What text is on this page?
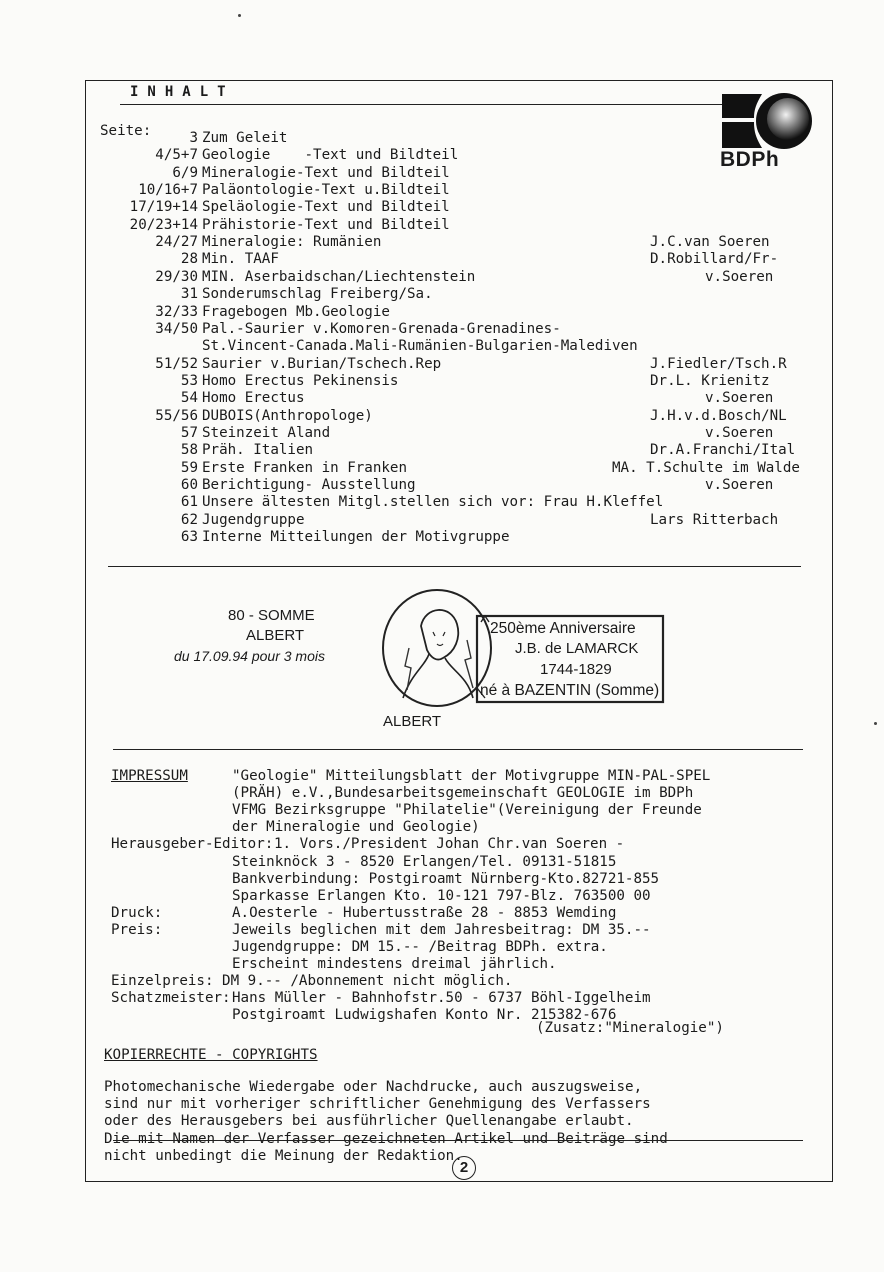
INHALT
Seite:
BDPh
3 Zum Geleit
4/5+7 Geologie    -Text und Bildteil
6/9 Mineralogie-Text und Bildteil
10/16+7 Paläontologie-Text u.Bildteil
17/19+14 Speläologie-Text und Bildteil
20/23+14 Prähistorie-Text und Bildteil
24/27 Mineralogie: Rumänien	J.C.van Soeren
28 Min. TAAF	D.Robillard/Fr-
29/30 MIN. Aserbaidschan/Liechtenstein	v.Soeren
31 Sonderumschlag Freiberg/Sa.
32/33 Fragebogen Mb.Geologie
34/50 Pal.-Saurier v.Komoren-Grenada-Grenadines-
St.Vincent-Canada.Mali-Rumänien-Bulgarien-Malediven
51/52 Saurier v.Burian/Tschech.Rep	J.Fiedler/Tsch.R
53 Homo Erectus Pekinensis	Dr.L. Krienitz
54 Homo Erectus	v.Soeren
55/56 DUBOIS(Anthropologe)	J.H.v.d.Bosch/NL
57 Steinzeit Aland	v.Soeren
58 Präh. Italien	Dr.A.Franchi/Ital
59 Erste Franken in Franken	MA. T.Schulte im Walde
60 Berichtigung- Ausstellung	v.Soeren
61 Unsere ältesten Mitgl.stellen sich vor: Frau H.Kleffel
62 Jugendgruppe	Lars Ritterbach
63 Interne Mitteilungen der Motivgruppe
80 - SOMME
ALBERT
du 17.09.94 pour 3 mois
250ème Anniversaire
J.B. de LAMARCK
1744-1829
né à BAZENTIN (Somme)
ALBERT
IMPRESSUM	"Geologie" Mitteilungsblatt der Motivgruppe MIN-PAL-SPEL
(PRÄH) e.V.,Bundesarbeitsgemeinschaft GEOLOGIE im BDPh
VFMG Bezirksgruppe "Philatelie"(Vereinigung der Freunde
der Mineralogie und Geologie)
Herausgeber-Editor: 1. Vors./President Johan Chr.van Soeren -
Steinknöck 3 - 8520 Erlangen/Tel. 09131-51815
Bankverbindung: Postgiroamt Nürnberg-Kto.82721-855
Sparkasse Erlangen Kto. 10-121 797-Blz. 763500 00
Druck:	A.Oesterle - Hubertusstraße 28 - 8853 Wemding
Preis:	Jeweils beglichen mit dem Jahresbeitrag: DM 35.--
Jugendgruppe: DM 15.-- /Beitrag BDPh. extra.
Erscheint mindestens dreimal jährlich.
Einzelpreis: DM 9.-- /Abonnement nicht möglich.
Schatzmeister: Hans Müller - Bahnhofstr.50 - 6737 Böhl-Iggelheim
Postgiroamt Ludwigshafen Konto Nr. 215382-676
(Zusatz:"Mineralogie")
KOPIERRECHTE - COPYRIGHTS
Photomechanische Wiedergabe oder Nachdrucke, auch auszugsweise,
sind nur mit vorheriger schriftlicher Genehmigung des Verfassers
oder des Herausgebers bei ausführlicher Quellenangabe erlaubt.
Die mit Namen der Verfasser gezeichneten Artikel und Beiträge sind
nicht unbedingt die Meinung der Redaktion.
2
